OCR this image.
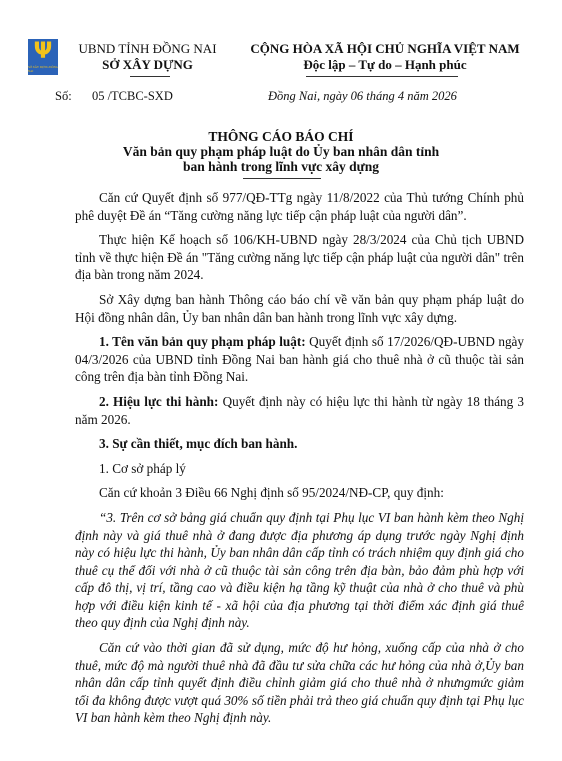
Ψ
SỞ XÂY DỰNG ĐỒNG NAI
UBND TỈNH ĐỒNG NAI
SỞ XÂY DỰNG
CỘNG HÒA XÃ HỘI CHỦ NGHĨA VIỆT NAM
Độc lập – Tự do – Hạnh phúc
Số: 05 /TCBC-SXD	Đồng Nai, ngày 06 tháng 4 năm 2026
THÔNG CÁO BÁO CHÍ
Văn bản quy phạm pháp luật do Ủy ban nhân dân tỉnh
ban hành trong lĩnh vực xây dựng

Căn cứ Quyết định số 977/QĐ-TTg ngày 11/8/2022 của Thủ tướng Chính phủ phê duyệt Đề án “Tăng cường năng lực tiếp cận pháp luật của người dân”.

Thực hiện Kế hoạch số 106/KH-UBND ngày 28/3/2024 của Chủ tịch UBND tỉnh về thực hiện Đề án "Tăng cường năng lực tiếp cận pháp luật của người dân" trên địa bàn trong năm 2024.

Sở Xây dựng ban hành Thông cáo báo chí về văn bản quy phạm pháp luật do Hội đồng nhân dân, Ủy ban nhân dân ban hành trong lĩnh vực xây dựng.

1. Tên văn bản quy phạm pháp luật: Quyết định số 17/2026/QĐ-UBND ngày 04/3/2026 của UBND tỉnh Đồng Nai ban hành giá cho thuê nhà ở cũ thuộc tài sản công trên địa bàn tỉnh Đồng Nai.

2. Hiệu lực thi hành: Quyết định này có hiệu lực thi hành từ ngày 18 tháng 3 năm 2026.

3. Sự cần thiết, mục đích ban hành.

1. Cơ sở pháp lý

Căn cứ khoản 3 Điều 66 Nghị định số 95/2024/NĐ-CP, quy định:

“3. Trên cơ sở bảng giá chuẩn quy định tại Phụ lục VI ban hành kèm theo Nghị định này và giá thuê nhà ở đang được địa phương áp dụng trước ngày Nghị định này có hiệu lực thi hành, Ủy ban nhân dân cấp tỉnh có trách nhiệm quy định giá cho thuê cụ thể đối với nhà ở cũ thuộc tài sản công trên địa bàn, bảo đảm phù hợp với cấp đô thị, vị trí, tầng cao và điều kiện hạ tầng kỹ thuật của nhà ở cho thuê và phù hợp với điều kiện kinh tế - xã hội của địa phương tại thời điểm xác định giá thuê theo quy định của Nghị định này.

Căn cứ vào thời gian đã sử dụng, mức độ hư hỏng, xuống cấp của nhà ở cho thuê, mức độ mà người thuê nhà đã đầu tư sửa chữa các hư hỏng của nhà ở,Ủy ban nhân dân cấp tỉnh quyết định điều chỉnh giảm giá cho thuê nhà ở nhưngmức giảm tối đa không được vượt quá 30% số tiền phải trả theo giá chuẩn quy định tại Phụ lục VI ban hành kèm theo Nghị định này.
